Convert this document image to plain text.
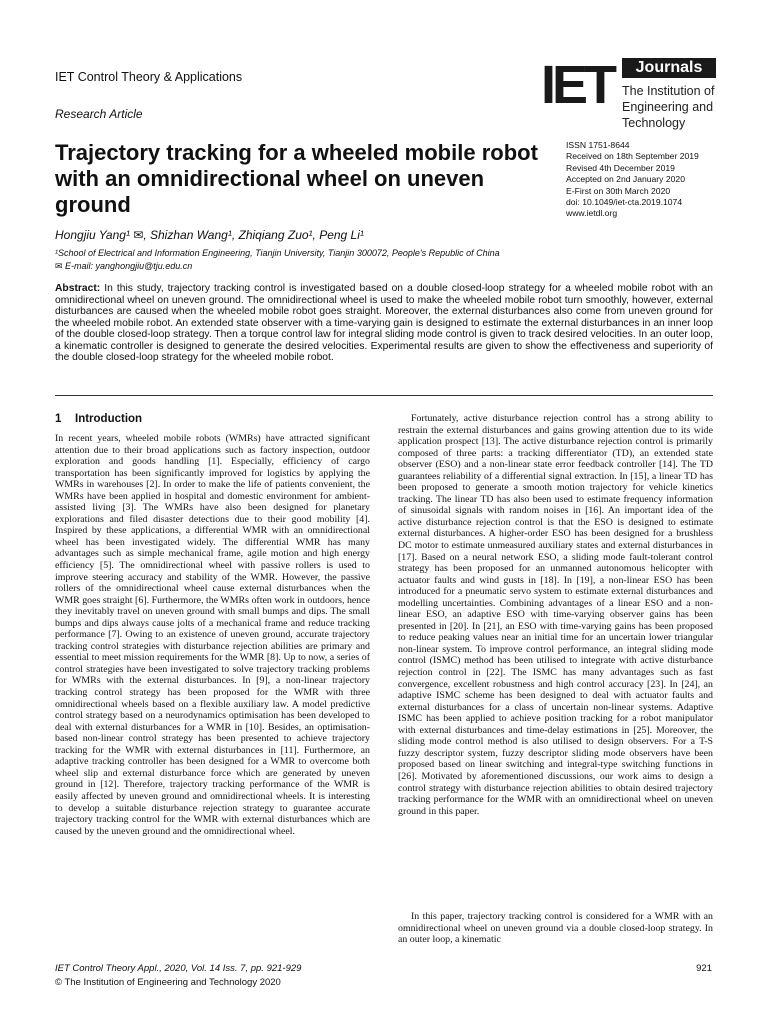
IET Control Theory & Applications
Research Article	IET	Journals
The Institution of
Engineering and Technology
Trajectory tracking for a wheeled mobile robot with an omnidirectional wheel on uneven ground
ISSN 1751-8644
Received on 18th September 2019
Revised 4th December 2019
Accepted on 2nd January 2020
E-First on 30th March 2020
doi: 10.1049/iet-cta.2019.1074
www.ietdl.org
Hongjiu Yang¹ ✉, Shizhan Wang¹, Zhiqiang Zuo¹, Peng Li¹
¹School of Electrical and Information Engineering, Tianjin University, Tianjin 300072, People's Republic of China
✉ E-mail: yanghongjiu@tju.edu.cn

Abstract: In this study, trajectory tracking control is investigated based on a double closed-loop strategy for a wheeled mobile robot with an omnidirectional wheel on uneven ground. The omnidirectional wheel is used to make the wheeled mobile robot turn smoothly, however, external disturbances are caused when the wheeled mobile robot goes straight. Moreover, the external disturbances also come from uneven ground for the wheeled mobile robot. An extended state observer with a time-varying gain is designed to estimate the external disturbances in an inner loop of the double closed-loop strategy. Then a torque control law for integral sliding mode control is given to track desired velocities. In an outer loop, a kinematic controller is designed to generate the desired velocities. Experimental results are given to show the effectiveness and superiority of the double closed-loop strategy for the wheeled mobile robot.

1 Introduction

In recent years, wheeled mobile robots (WMRs) have attracted significant attention due to their broad applications such as factory inspection, outdoor exploration and goods handling [1]. Especially, efficiency of cargo transportation has been significantly improved for logistics by applying the WMRs in warehouses [2]. In order to make the life of patients convenient, the WMRs have been applied in hospital and domestic environment for ambient-assisted living [3]. The WMRs have also been designed for planetary explorations and filed disaster detections due to their good mobility [4]. Inspired by these applications, a differential WMR with an omnidirectional wheel has been investigated widely. The differential WMR has many advantages such as simple mechanical frame, agile motion and high energy efficiency [5]. The omnidirectional wheel with passive rollers is used to improve steering accuracy and stability of the WMR. However, the passive rollers of the omnidirectional wheel cause external disturbances when the WMR goes straight [6]. Furthermore, the WMRs often work in outdoors, hence they inevitably travel on uneven ground with small bumps and dips. The small bumps and dips always cause jolts of a mechanical frame and reduce tracking performance [7]. Owing to an existence of uneven ground, accurate trajectory tracking control strategies with disturbance rejection abilities are primary and essential to meet mission requirements for the WMR [8]. Up to now, a series of control strategies have been investigated to solve trajectory tracking problems for WMRs with the external disturbances. In [9], a non-linear trajectory tracking control strategy has been proposed for the WMR with three omnidirectional wheels based on a flexible auxiliary law. A model predictive control strategy based on a neurodynamics optimisation has been developed to deal with external disturbances for a WMR in [10]. Besides, an optimisation-based non-linear control strategy has been presented to achieve trajectory tracking for the WMR with external disturbances in [11]. Furthermore, an adaptive tracking controller has been designed for a WMR to overcome both wheel slip and external disturbance force which are generated by uneven ground in [12]. Therefore, trajectory tracking performance of the WMR is easily affected by uneven ground and omnidirectional wheels. It is interesting to develop a suitable disturbance rejection strategy to guarantee accurate trajectory tracking control for the WMR with external disturbances which are caused by the uneven ground and the omnidirectional wheel.

Fortunately, active disturbance rejection control has a strong ability to restrain the external disturbances and gains growing attention due to its wide application prospect [13]. The active disturbance rejection control is primarily composed of three parts: a tracking differentiator (TD), an extended state observer (ESO) and a non-linear state error feedback controller [14]. The TD guarantees reliability of a differential signal extraction. In [15], a linear TD has been proposed to generate a smooth motion trajectory for vehicle kinetics tracking. The linear TD has also been used to estimate frequency information of sinusoidal signals with random noises in [16]. An important idea of the active disturbance rejection control is that the ESO is designed to estimate external disturbances. A higher-order ESO has been designed for a brushless DC motor to estimate unmeasured auxiliary states and external disturbances in [17]. Based on a neural network ESO, a sliding mode fault-tolerant control strategy has been proposed for an unmanned autonomous helicopter with actuator faults and wind gusts in [18]. In [19], a non-linear ESO has been introduced for a pneumatic servo system to estimate external disturbances and modelling uncertainties. Combining advantages of a linear ESO and a non-linear ESO, an adaptive ESO with time-varying observer gains has been presented in [20]. In [21], an ESO with time-varying gains has been proposed to reduce peaking values near an initial time for an uncertain lower triangular non-linear system. To improve control performance, an integral sliding mode control (ISMC) method has been utilised to integrate with active disturbance rejection control in [22]. The ISMC has many advantages such as fast convergence, excellent robustness and high control accuracy [23]. In [24], an adaptive ISMC scheme has been designed to deal with actuator faults and external disturbances for a class of uncertain non-linear systems. Adaptive ISMC has been applied to achieve position tracking for a robot manipulator with external disturbances and time-delay estimations in [25]. Moreover, the sliding mode control method is also utilised to design observers. For a T-S fuzzy descriptor system, fuzzy descriptor sliding mode observers have been proposed based on linear switching and integral-type switching functions in [26]. Motivated by aforementioned discussions, our work aims to design a control strategy with disturbance rejection abilities to obtain desired trajectory tracking performance for the WMR with an omnidirectional wheel on uneven ground in this paper.

In this paper, trajectory tracking control is considered for a WMR with an omnidirectional wheel on uneven ground via a double closed-loop strategy. In an outer loop, a kinematic

IET Control Theory Appl., 2020, Vol. 14 Iss. 7, pp. 921-929
© The Institution of Engineering and Technology 2020
921
